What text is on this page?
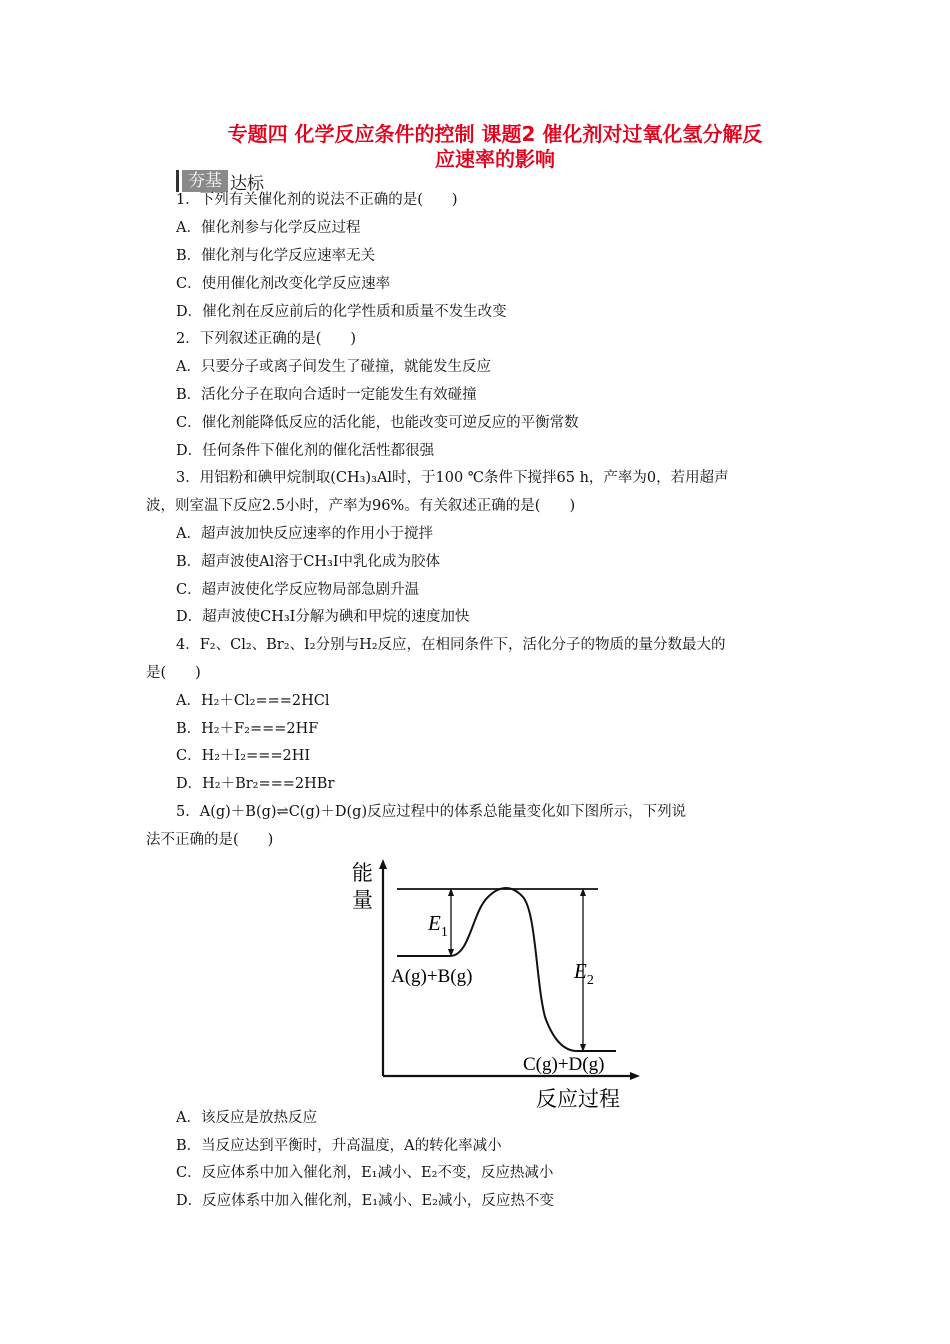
专题四 化学反应条件的控制 课题2 催化剂对过氧化氢分解反
应速率的影响
夯基 达标
1．下列有关催化剂的说法不正确的是(　　)
A．催化剂参与化学反应过程
B．催化剂与化学反应速率无关
C．使用催化剂改变化学反应速率
D．催化剂在反应前后的化学性质和质量不发生改变
2．下列叙述正确的是(　　)
A．只要分子或离子间发生了碰撞，就能发生反应
B．活化分子在取向合适时一定能发生有效碰撞
C．催化剂能降低反应的活化能，也能改变可逆反应的平衡常数
D．任何条件下催化剂的催化活性都很强
3．用铝粉和碘甲烷制取(CH₃)₃Al时，于100 ℃条件下搅拌65 h，产率为0，若用超声
波，则室温下反应2.5小时，产率为96%。有关叙述正确的是(　　)
A．超声波加快反应速率的作用小于搅拌
B．超声波使Al溶于CH₃I中乳化成为胶体
C．超声波使化学反应物局部急剧升温
D．超声波使CH₃I分解为碘和甲烷的速度加快
4．F₂、Cl₂、Br₂、I₂分别与H₂反应，在相同条件下，活化分子的物质的量分数最大的
是(　　)
A．H₂＋Cl₂===2HCl
B．H₂＋F₂===2HF
C．H₂＋I₂===2HI
D．H₂＋Br₂===2HBr
5．A(g)＋B(g)⇌C(g)＋D(g)反应过程中的体系总能量变化如下图所示，下列说
法不正确的是(　　)
能
量
反应过程
$E_1$
$E_2$
A(g)+B(g)
C(g)+D(g)
A．该反应是放热反应
B．当反应达到平衡时，升高温度，A的转化率减小
C．反应体系中加入催化剂，E₁减小、E₂不变，反应热减小
D．反应体系中加入催化剂，E₁减小、E₂减小，反应热不变
